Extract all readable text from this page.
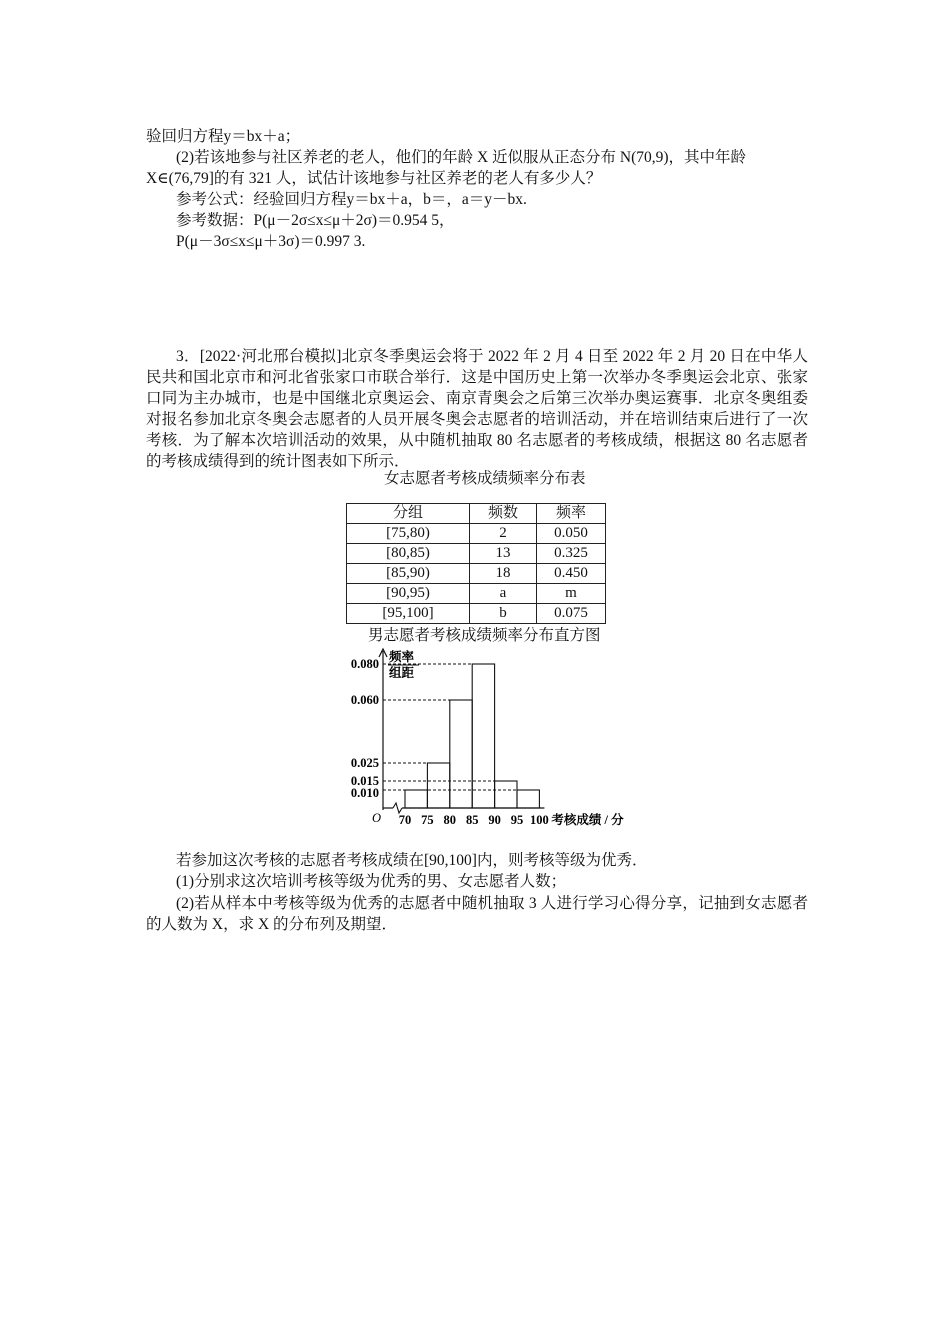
验回归方程y＝bx＋a；
(2)若该地参与社区养老的老人，他们的年龄 X 近似服从正态分布 N(70,9)，其中年龄
X∈(76,79]的有 321 人，试估计该地参与社区养老的老人有多少人？
参考公式：经验回归方程y＝bx＋a，b＝，a＝y－bx.
参考数据：P(μ－2σ≤x≤μ＋2σ)＝0.954 5，
P(μ－3σ≤x≤μ＋3σ)＝0.997 3.
3．[2022·河北邢台模拟]北京冬季奥运会将于 2022 年 2 月 4 日至 2022 年 2 月 20 日在中华人民共和国北京市和河北省张家口市联合举行．这是中国历史上第一次举办冬季奥运会北京、张家口同为主办城市，也是中国继北京奥运会、南京青奥会之后第三次举办奥运赛事．北京冬奥组委对报名参加北京冬奥会志愿者的人员开展冬奥会志愿者的培训活动，并在培训结束后进行了一次考核．为了解本次培训活动的效果，从中随机抽取 80 名志愿者的考核成绩，根据这 80 名志愿者的考核成绩得到的统计图表如下所示．
女志愿者考核成绩频率分布表
分组	频数	频率
[75,80)	2	0.050
[80,85)	13	0.325
[85,90)	18	0.450
[90,95)	a	m
[95,100]	b	0.075
男志愿者考核成绩频率分布直方图
频率
组距
O
0.080
0.060
0.025
0.015
0.010
70 75 80 85 90 95 100 考核成绩 / 分
若参加这次考核的志愿者考核成绩在[90,100]内，则考核等级为优秀．
(1)分别求这次培训考核等级为优秀的男、女志愿者人数；
(2)若从样本中考核等级为优秀的志愿者中随机抽取 3 人进行学习心得分享，记抽到女志愿者的人数为 X，求 X 的分布列及期望．
